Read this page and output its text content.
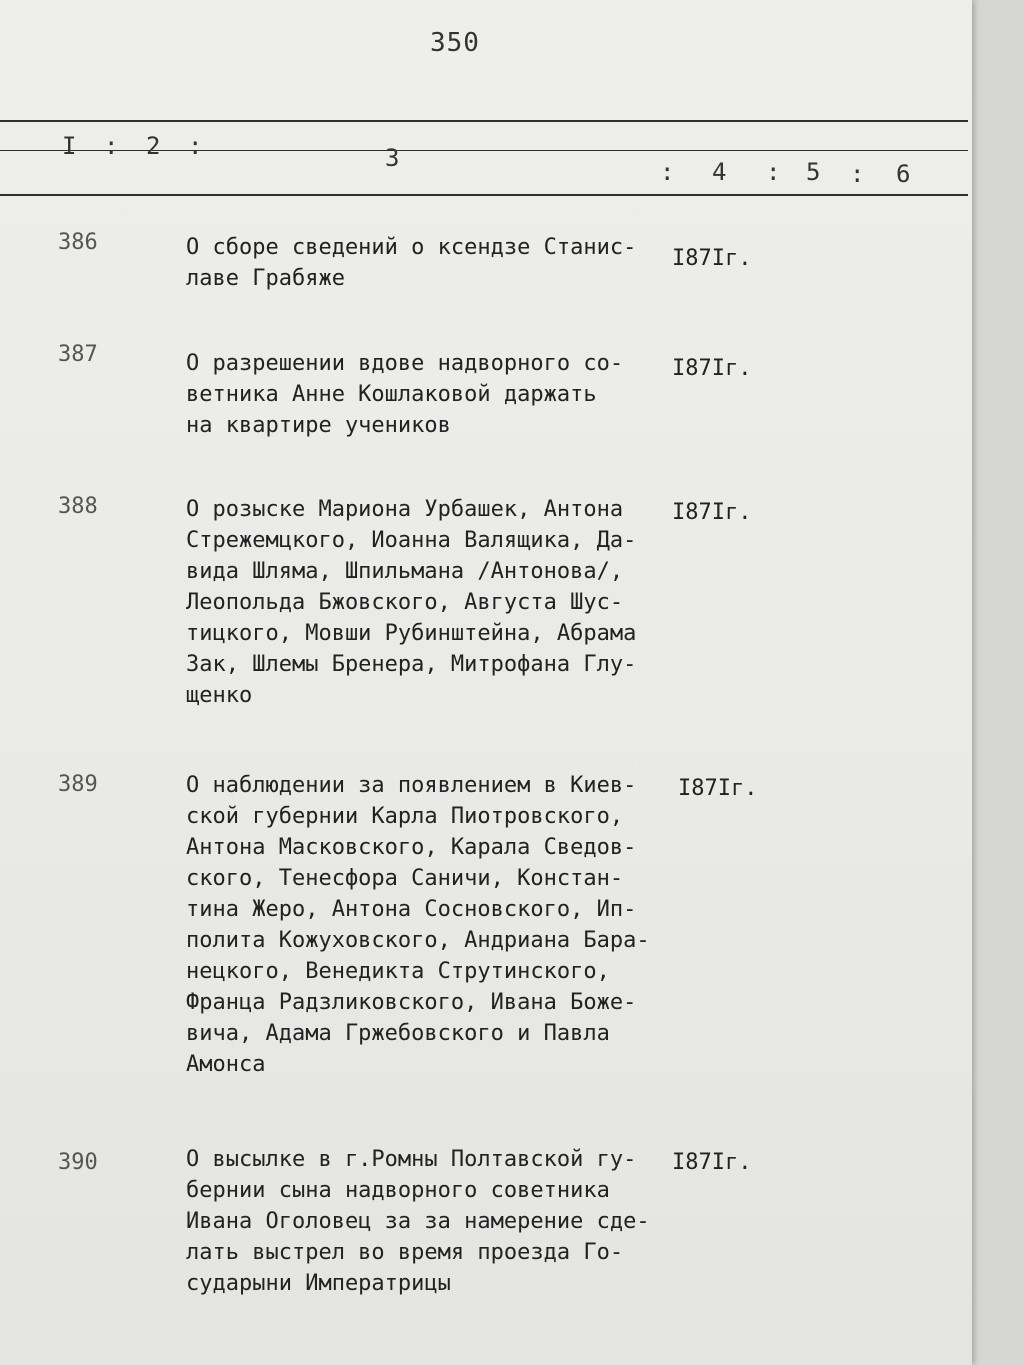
350
I : 2 :	3	: 4 : 5 : 6
386	О сборе сведений о ксендзе Станис-
лаве Грабяже
I87Iг.
387	О разрешении вдове надворного со-
ветника Анне Кошлаковой даржать
на квартире учеников
I87Iг.
388	О розыске Мариона Урбашек, Антона
Стрежемцкого, Иоанна Валящика, Да-
вида Шляма, Шпильмана /Антонова/,
Леопольда Бжовского, Августа Шус-
тицкого, Мовши Рубинштейна, Абрама
Зак, Шлемы Бренера, Митрофана Глу-
щенко
I87Iг.
389	О наблюдении за появлением в Киев-
ской губернии Карла Пиотровского,
Антона Масковского, Карала Сведов-
ского, Тенесфора Саничи, Констан-
тина Жеро, Антона Сосновского, Ип-
полита Кожуховского, Андриана Бара-
нецкого, Венедикта Струтинского,
Франца Радзликовского, Ивана Боже-
вича, Адама Гржебовского и Павла
Амонса
I87Iг.
390	О высылке в г.Ромны Полтавской гу-
бернии сына надворного советника
Ивана Оголовец за за намерение сде-
лать выстрел во время проезда Го-
сударыни Императрицы
I87Iг.
